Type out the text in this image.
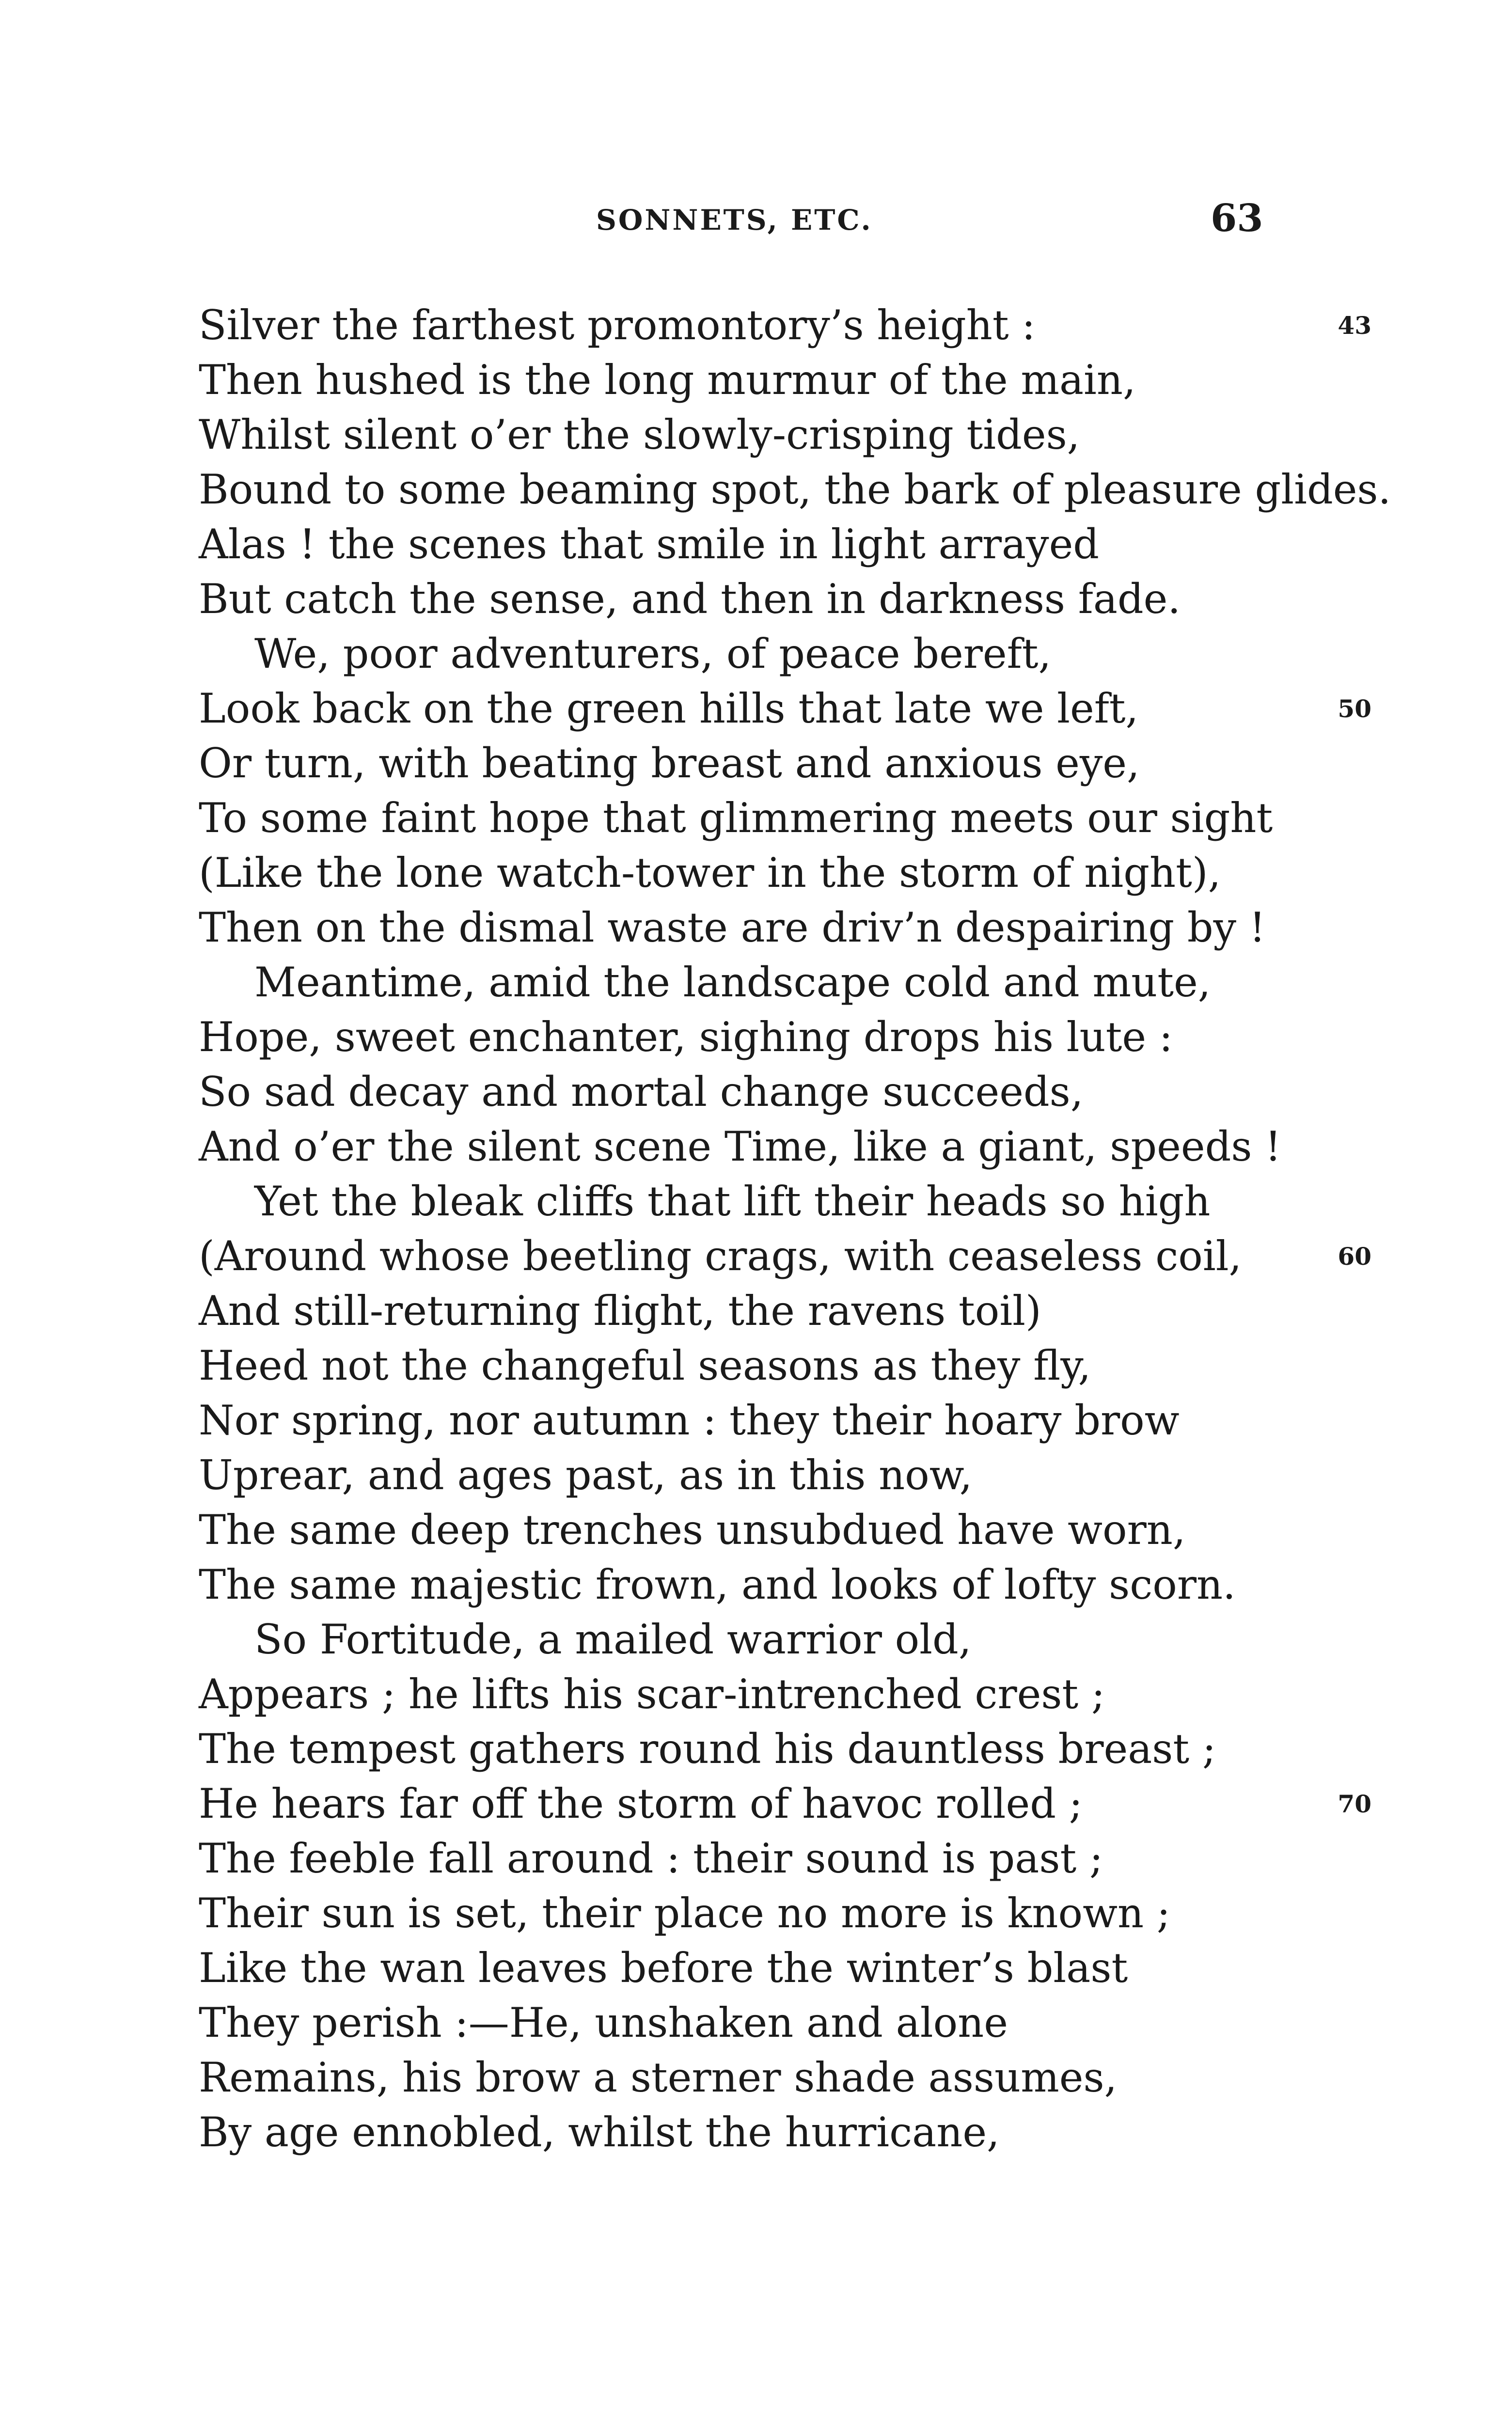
SONNETS, ETC.	63
Silver the farthest promontory’s height :	43
Then hushed is the long murmur of the main,
Whilst silent o’er the slowly-crisping tides,
Bound to some beaming spot, the bark of pleasure glides.
Alas ! the scenes that smile in light arrayed
But catch the sense, and then in darkness fade.
We, poor adventurers, of peace bereft,
Look back on the green hills that late we left,	50
Or turn, with beating breast and anxious eye,
To some faint hope that glimmering meets our sight
(Like the lone watch-tower in the storm of night),
Then on the dismal waste are driv’n despairing by !
Meantime, amid the landscape cold and mute,
Hope, sweet enchanter, sighing drops his lute :
So sad decay and mortal change succeeds,
And o’er the silent scene Time, like a giant, speeds !
Yet the bleak cliffs that lift their heads so high
(Around whose beetling crags, with ceaseless coil,	60
And still-returning flight, the ravens toil)
Heed not the changeful seasons as they fly,
Nor spring, nor autumn : they their hoary brow
Uprear, and ages past, as in this now,
The same deep trenches unsubdued have worn,
The same majestic frown, and looks of lofty scorn.
So Fortitude, a mailed warrior old,
Appears ; he lifts his scar-intrenched crest ;
The tempest gathers round his dauntless breast ;
He hears far off the storm of havoc rolled ;	70
The feeble fall around : their sound is past ;
Their sun is set, their place no more is known ;
Like the wan leaves before the winter’s blast
They perish :—He, unshaken and alone
Remains, his brow a sterner shade assumes,
By age ennobled, whilst the hurricane,
